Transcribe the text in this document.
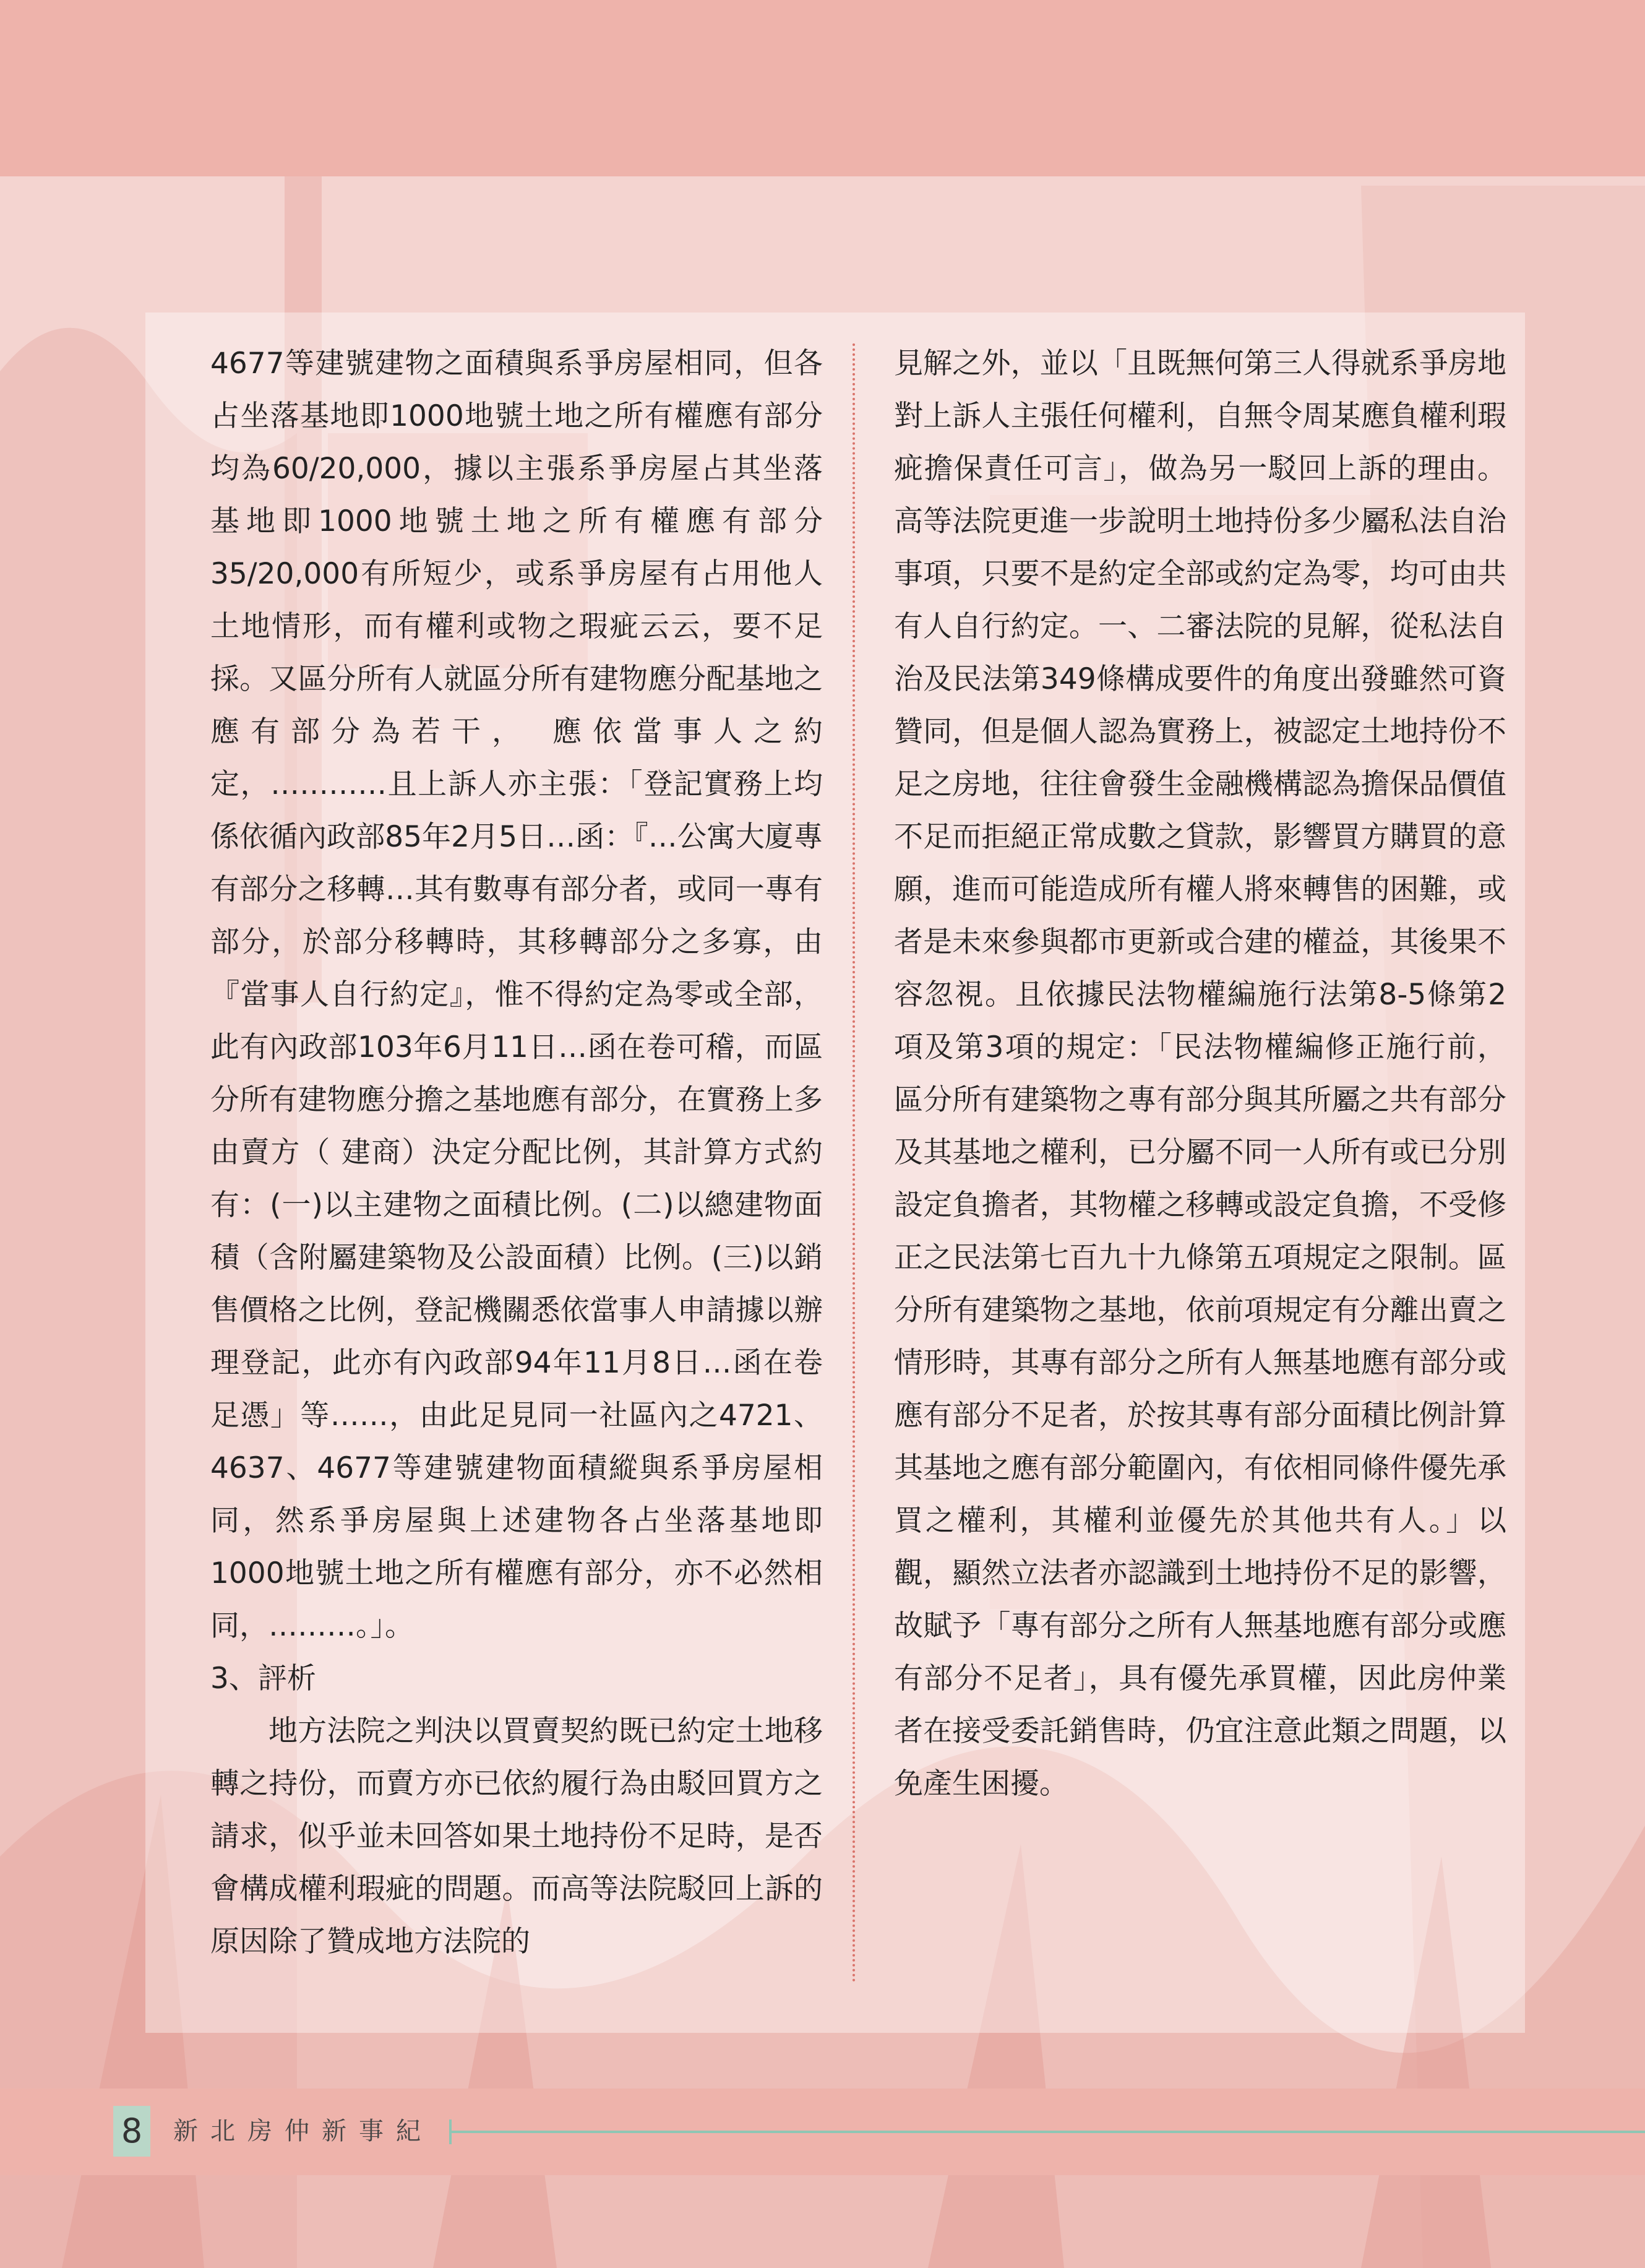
4677等建號建物之面積與系爭房屋相同，但各占坐落基地即1000地號土地之所有權應有部分均為60/20,000，據以主張系爭房屋占其坐落基地即1000地號土地之所有權應有部分35/20,000有所短少，或系爭房屋有占用他人土地情形，而有權利或物之瑕疵云云，要不足採。又區分所有人就區分所有建物應分配基地之應有部分為若干， 應依當事人之約定，…………且上訴人亦主張：「登記實務上均係依循內政部85年2月5日…函：『…公寓大廈專有部分之移轉…其有數專有部分者，或同一專有部分，於部分移轉時，其移轉部分之多寡，由『當事人自行約定』，惟不得約定為零或全部，此有內政部103年6月11日…函在卷可稽，而區分所有建物應分擔之基地應有部分，在實務上多由賣方（ 建商）決定分配比例，其計算方式約有：(一)以主建物之面積比例。(二)以總建物面積（含附屬建築物及公設面積）比例。(三)以銷售價格之比例，登記機關悉依當事人申請據以辦理登記，此亦有內政部94年11月8日…函在卷足憑」等……，由此足見同一社區內之4721、4637、4677等建號建物面積縱與系爭房屋相同，然系爭房屋與上述建物各占坐落基地即1000地號土地之所有權應有部分，亦不必然相同，………。」。

3、評析

地方法院之判決以買賣契約既已約定土地移轉之持份，而賣方亦已依約履行為由駁回買方之請求，似乎並未回答如果土地持份不足時，是否會構成權利瑕疵的問題。而高等法院駁回上訴的原因除了贊成地方法院的

見解之外，並以「且既無何第三人得就系爭房地對上訴人主張任何權利，自無令周某應負權利瑕疵擔保責任可言」，做為另一駁回上訴的理由。高等法院更進一步說明土地持份多少屬私法自治事項，只要不是約定全部或約定為零，均可由共有人自行約定。一、二審法院的見解，從私法自治及民法第349條構成要件的角度出發雖然可資贊同，但是個人認為實務上，被認定土地持份不足之房地，往往會發生金融機構認為擔保品價值不足而拒絕正常成數之貸款，影響買方購買的意願，進而可能造成所有權人將來轉售的困難，或者是未來參與都市更新或合建的權益，其後果不容忽視。且依據民法物權編施行法第8-5條第2項及第3項的規定：「民法物權編修正施行前，區分所有建築物之專有部分與其所屬之共有部分及其基地之權利，已分屬不同一人所有或已分別設定負擔者，其物權之移轉或設定負擔，不受修正之民法第七百九十九條第五項規定之限制。區分所有建築物之基地，依前項規定有分離出賣之情形時，其專有部分之所有人無基地應有部分或應有部分不足者，於按其專有部分面積比例計算其基地之應有部分範圍內，有依相同條件優先承買之權利，其權利並優先於其他共有人。」以觀，顯然立法者亦認識到土地持份不足的影響，故賦予「專有部分之所有人無基地應有部分或應有部分不足者」，具有優先承買權，因此房仲業者在接受委託銷售時，仍宜注意此類之問題，以免產生困擾。

8	新北房仲新事紀
